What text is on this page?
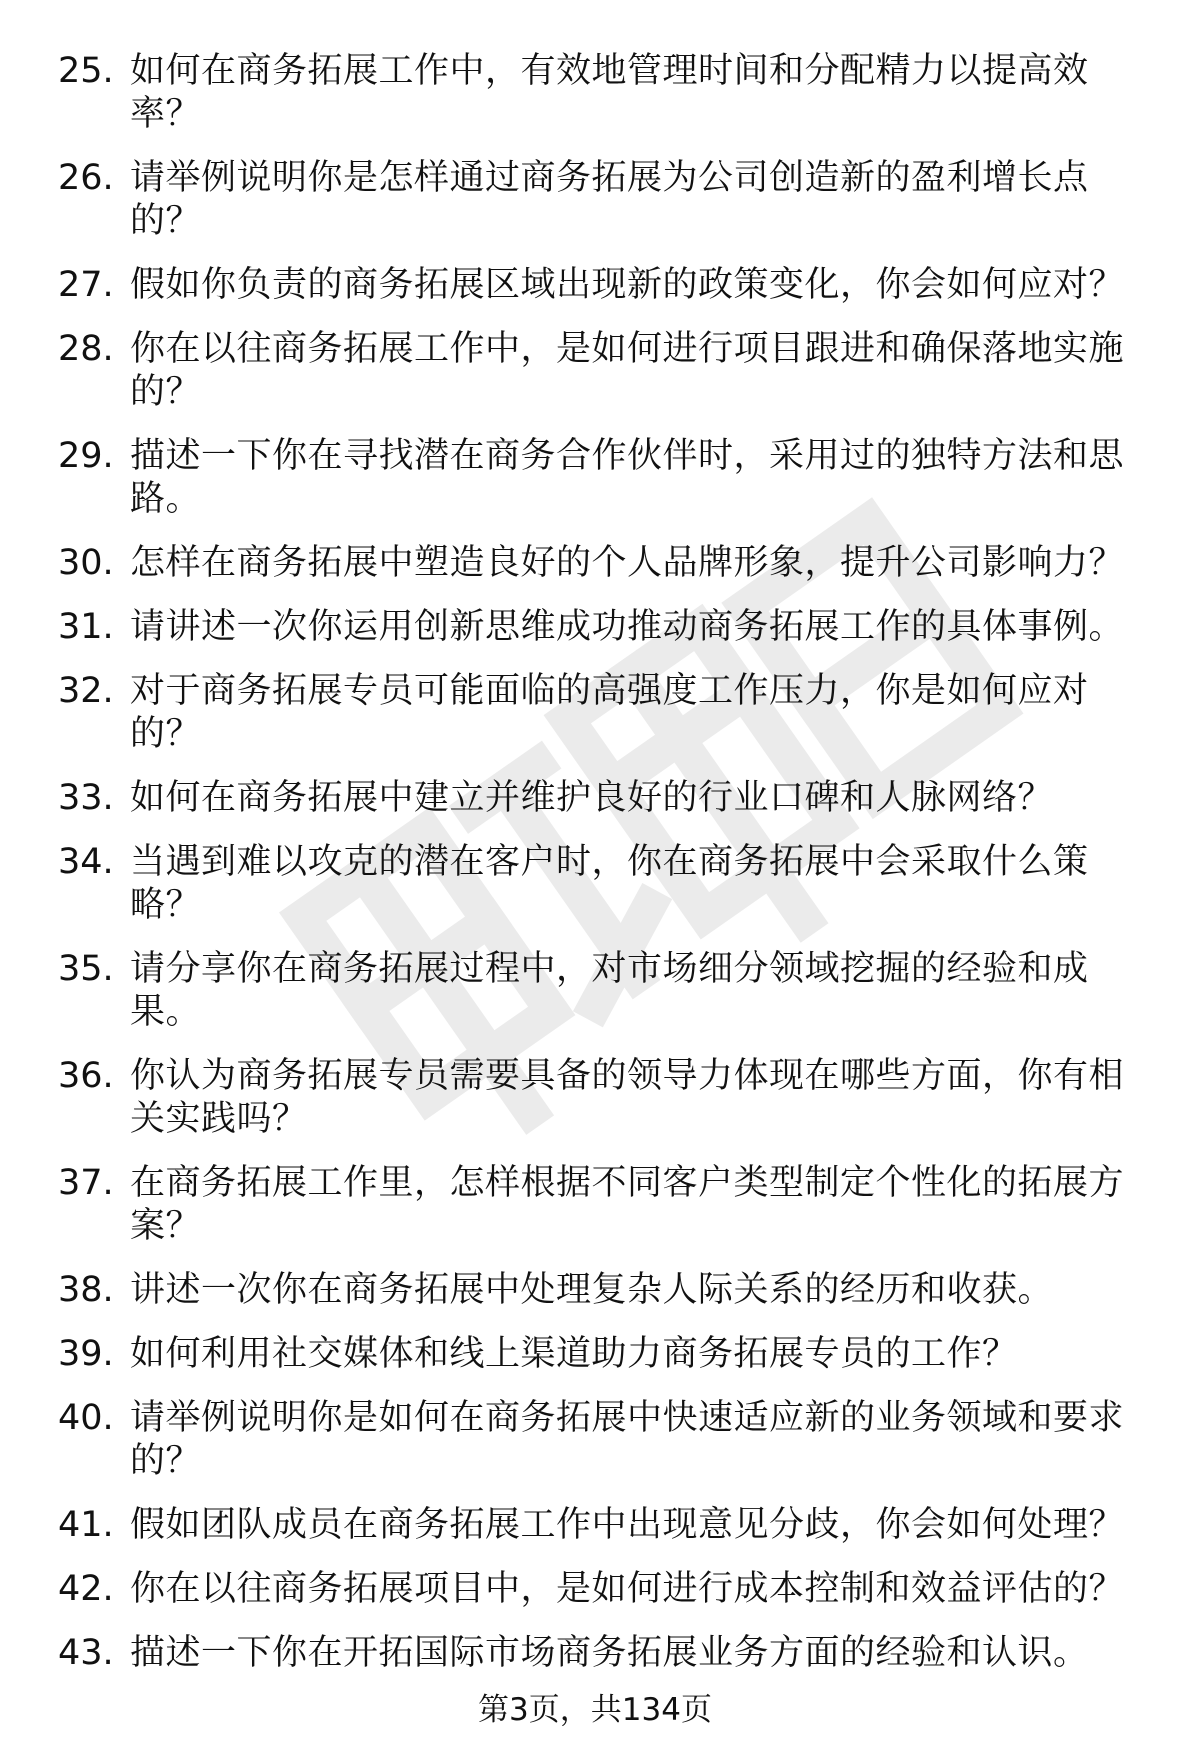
25. 如何在商务拓展工作中，有效地管理时间和分配精力以提高效率？
26. 请举例说明你是怎样通过商务拓展为公司创造新的盈利增长点的？
27. 假如你负责的商务拓展区域出现新的政策变化，你会如何应对？
28. 你在以往商务拓展工作中，是如何进行项目跟进和确保落地实施的？
29. 描述一下你在寻找潜在商务合作伙伴时，采用过的独特方法和思路。
30. 怎样在商务拓展中塑造良好的个人品牌形象，提升公司影响力？
31. 请讲述一次你运用创新思维成功推动商务拓展工作的具体事例。
32. 对于商务拓展专员可能面临的高强度工作压力，你是如何应对的？
33. 如何在商务拓展中建立并维护良好的行业口碑和人脉网络？
34. 当遇到难以攻克的潜在客户时，你在商务拓展中会采取什么策略？
35. 请分享你在商务拓展过程中，对市场细分领域挖掘的经验和成果。
36. 你认为商务拓展专员需要具备的领导力体现在哪些方面，你有相关实践吗？
37. 在商务拓展工作里，怎样根据不同客户类型制定个性化的拓展方案？
38. 讲述一次你在商务拓展中处理复杂人际关系的经历和收获。
39. 如何利用社交媒体和线上渠道助力商务拓展专员的工作？
40. 请举例说明你是如何在商务拓展中快速适应新的业务领域和要求的？
41. 假如团队成员在商务拓展工作中出现意见分歧，你会如何处理？
42. 你在以往商务拓展项目中，是如何进行成本控制和效益评估的？
43. 描述一下你在开拓国际市场商务拓展业务方面的经验和认识。
第3页，共134页
